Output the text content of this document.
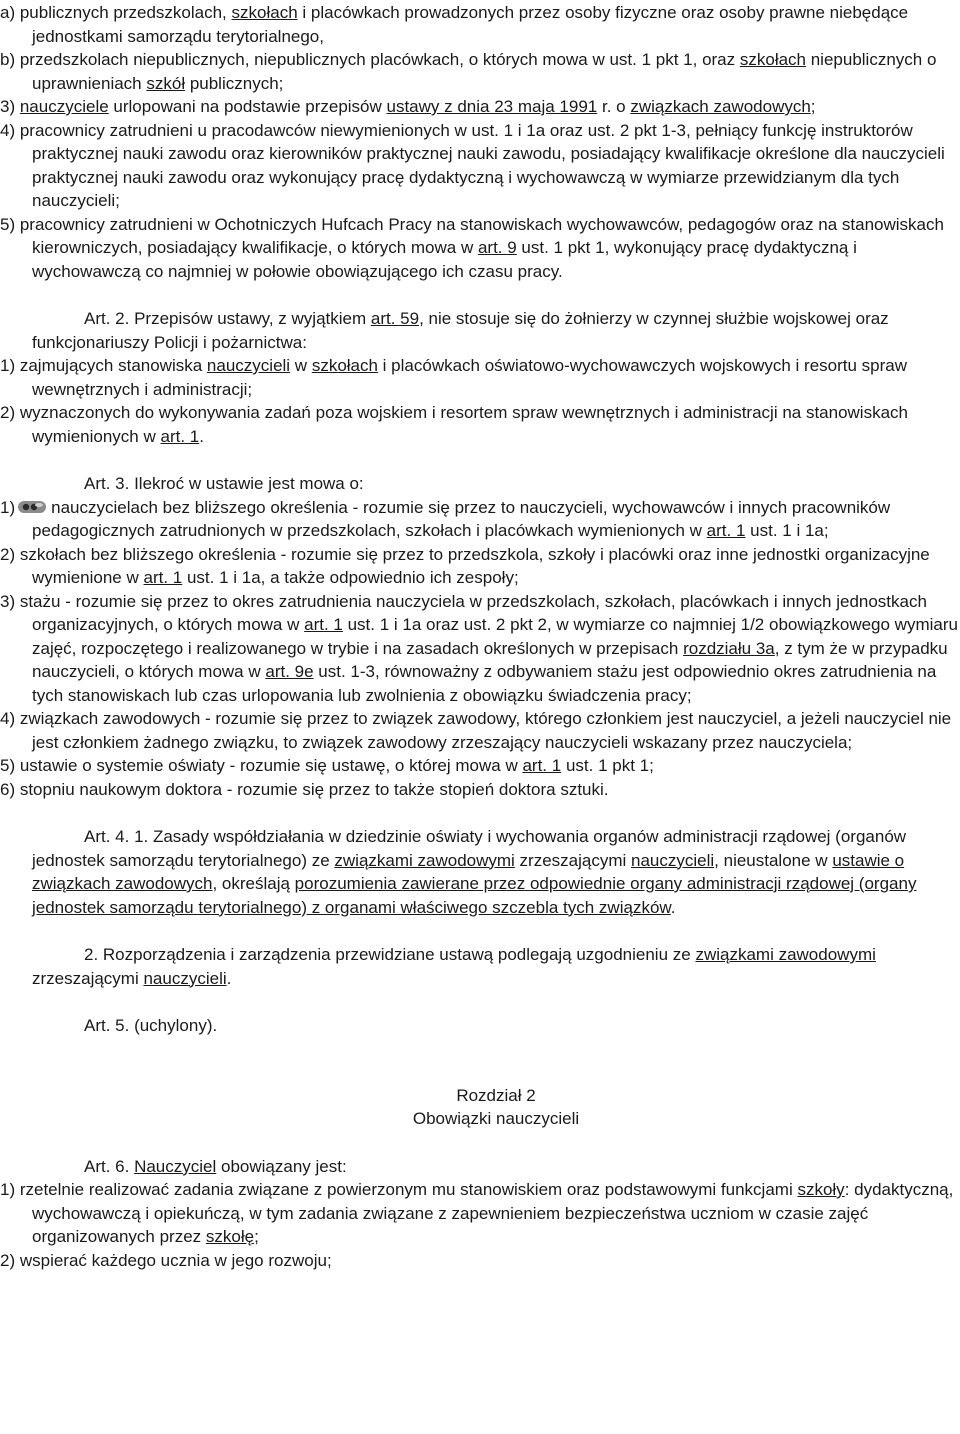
a) publicznych przedszkolach, szkołach i placówkach prowadzonych przez osoby fizyczne oraz osoby prawne niebędące jednostkami samorządu terytorialnego,

b) przedszkolach niepublicznych, niepublicznych placówkach, o których mowa w ust. 1 pkt 1, oraz szkołach niepublicznych o uprawnieniach szkół publicznych;

3) nauczyciele urlopowani na podstawie przepisów ustawy z dnia 23 maja 1991 r. o związkach zawodowych;

4) pracownicy zatrudnieni u pracodawców niewymienionych w ust. 1 i 1a oraz ust. 2 pkt 1-3, pełniący funkcję instruktorów praktycznej nauki zawodu oraz kierowników praktycznej nauki zawodu, posiadający kwalifikacje określone dla nauczycieli praktycznej nauki zawodu oraz wykonujący pracę dydaktyczną i wychowawczą w wymiarze przewidzianym dla tych nauczycieli;

5) pracownicy zatrudnieni w Ochotniczych Hufcach Pracy na stanowiskach wychowawców, pedagogów oraz na stanowiskach kierowniczych, posiadający kwalifikacje, o których mowa w art. 9 ust. 1 pkt 1, wykonujący pracę dydaktyczną i wychowawczą co najmniej w połowie obowiązującego ich czasu pracy.

Art. 2. Przepisów ustawy, z wyjątkiem art. 59, nie stosuje się do żołnierzy w czynnej służbie wojskowej oraz funkcjonariuszy Policji i pożarnictwa:

1) zajmujących stanowiska nauczycieli w szkołach i placówkach oświatowo-wychowawczych wojskowych i resortu spraw wewnętrznych i administracji;

2) wyznaczonych do wykonywania zadań poza wojskiem i resortem spraw wewnętrznych i administracji na stanowiskach wymienionych w art. 1.

Art. 3. Ilekroć w ustawie jest mowa o:

1) nauczycielach bez bliższego określenia - rozumie się przez to nauczycieli, wychowawców i innych pracowników pedagogicznych zatrudnionych w przedszkolach, szkołach i placówkach wymienionych w art. 1 ust. 1 i 1a;

2) szkołach bez bliższego określenia - rozumie się przez to przedszkola, szkoły i placówki oraz inne jednostki organizacyjne wymienione w art. 1 ust. 1 i 1a, a także odpowiednio ich zespoły;

3) stażu - rozumie się przez to okres zatrudnienia nauczyciela w przedszkolach, szkołach, placówkach i innych jednostkach organizacyjnych, o których mowa w art. 1 ust. 1 i 1a oraz ust. 2 pkt 2, w wymiarze co najmniej 1/2 obowiązkowego wymiaru zajęć, rozpoczętego i realizowanego w trybie i na zasadach określonych w przepisach rozdziału 3a, z tym że w przypadku nauczycieli, o których mowa w art. 9e ust. 1-3, równoważny z odbywaniem stażu jest odpowiednio okres zatrudnienia na tych stanowiskach lub czas urlopowania lub zwolnienia z obowiązku świadczenia pracy;

4) związkach zawodowych - rozumie się przez to związek zawodowy, którego członkiem jest nauczyciel, a jeżeli nauczyciel nie jest członkiem żadnego związku, to związek zawodowy zrzeszający nauczycieli wskazany przez nauczyciela;

5) ustawie o systemie oświaty - rozumie się ustawę, o której mowa w art. 1 ust. 1 pkt 1;

6) stopniu naukowym doktora - rozumie się przez to także stopień doktora sztuki.

Art. 4. 1. Zasady współdziałania w dziedzinie oświaty i wychowania organów administracji rządowej (organów jednostek samorządu terytorialnego) ze związkami zawodowymi zrzeszającymi nauczycieli, nieustalone w ustawie o związkach zawodowych, określają porozumienia zawierane przez odpowiednie organy administracji rządowej (organy jednostek samorządu terytorialnego) z organami właściwego szczebla tych związków.

2. Rozporządzenia i zarządzenia przewidziane ustawą podlegają uzgodnieniu ze związkami zawodowymi zrzeszającymi nauczycieli.

Art. 5. (uchylony).

Rozdział 2

Obowiązki nauczycieli

Art. 6. Nauczyciel obowiązany jest:

1) rzetelnie realizować zadania związane z powierzonym mu stanowiskiem oraz podstawowymi funkcjami szkoły: dydaktyczną, wychowawczą i opiekuńczą, w tym zadania związane z zapewnieniem bezpieczeństwa uczniom w czasie zajęć organizowanych przez szkołę;

2) wspierać każdego ucznia w jego rozwoju;
